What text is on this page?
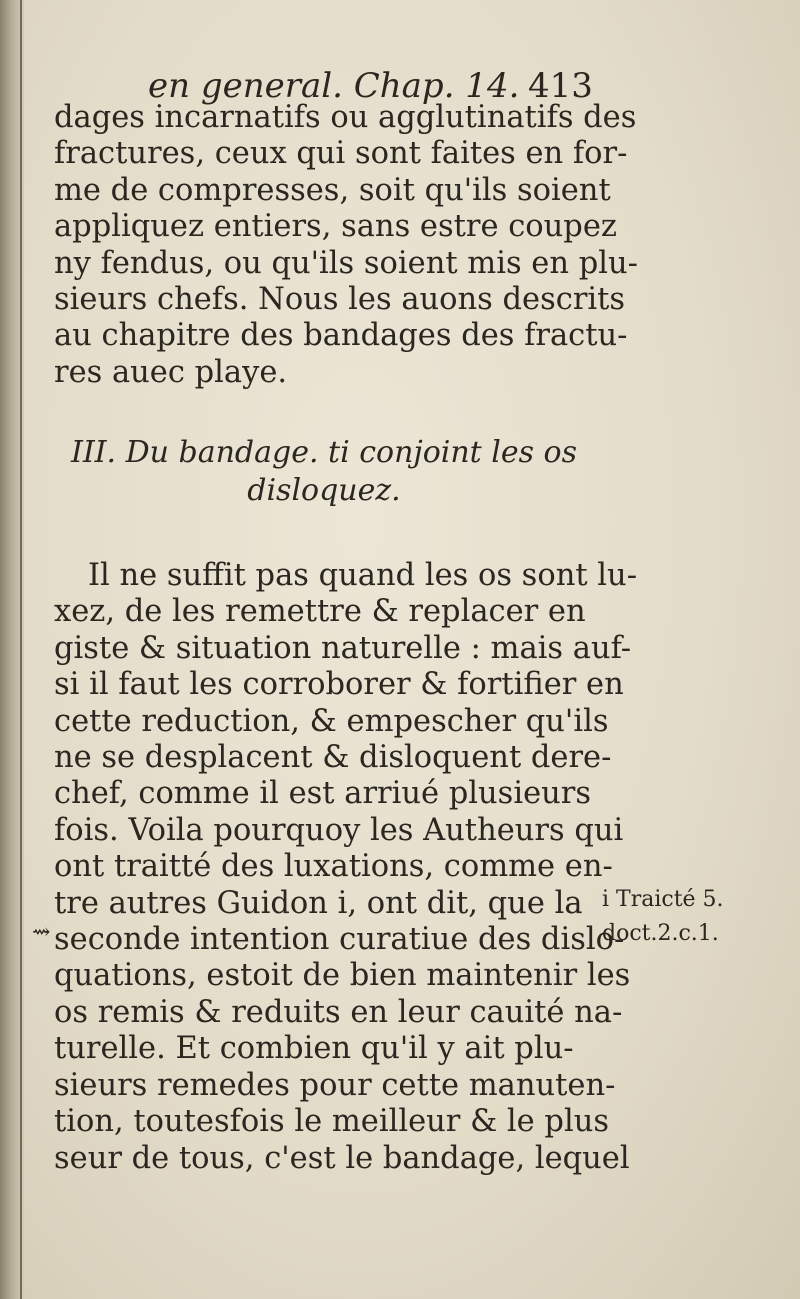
en general. Chap. 14. 413
dages incarnatifs ou agglutinatifs des
fractures, ceux qui sont faites en for-
me de compresses, soit qu'ils soient
appliquez entiers, sans estre coupez
ny fendus, ou qu'ils soient mis en plu-
sieurs chefs. Nous les auons descrits
au chapitre des bandages des fractu-
res auec playe.
III. Du bandage. ti conjoint les os
disloquez.
Il ne suffit pas quand les os sont lu-
xez, de les remettre & replacer en
giste & situation naturelle : mais auf-
si il faut les corroborer & fortifier en
cette reduction, & empescher qu'ils
ne se desplacent & disloquent dere-
chef, comme il est arriué plusieurs
fois. Voila pourquoy les Autheurs qui
ont traitté des luxations, comme en-
tre autres Guidon i, ont dit, que la
seconde intention curatiue des dislo-
quations, estoit de bien maintenir les
os remis & reduits en leur cauité na-
turelle. Et combien qu'il y ait plu-
sieurs remedes pour cette manuten-
tion, toutesfois le meilleur & le plus
seur de tous, c'est le bandage, lequel
⇝
i Traicté 5.
doct.2.c.1.
